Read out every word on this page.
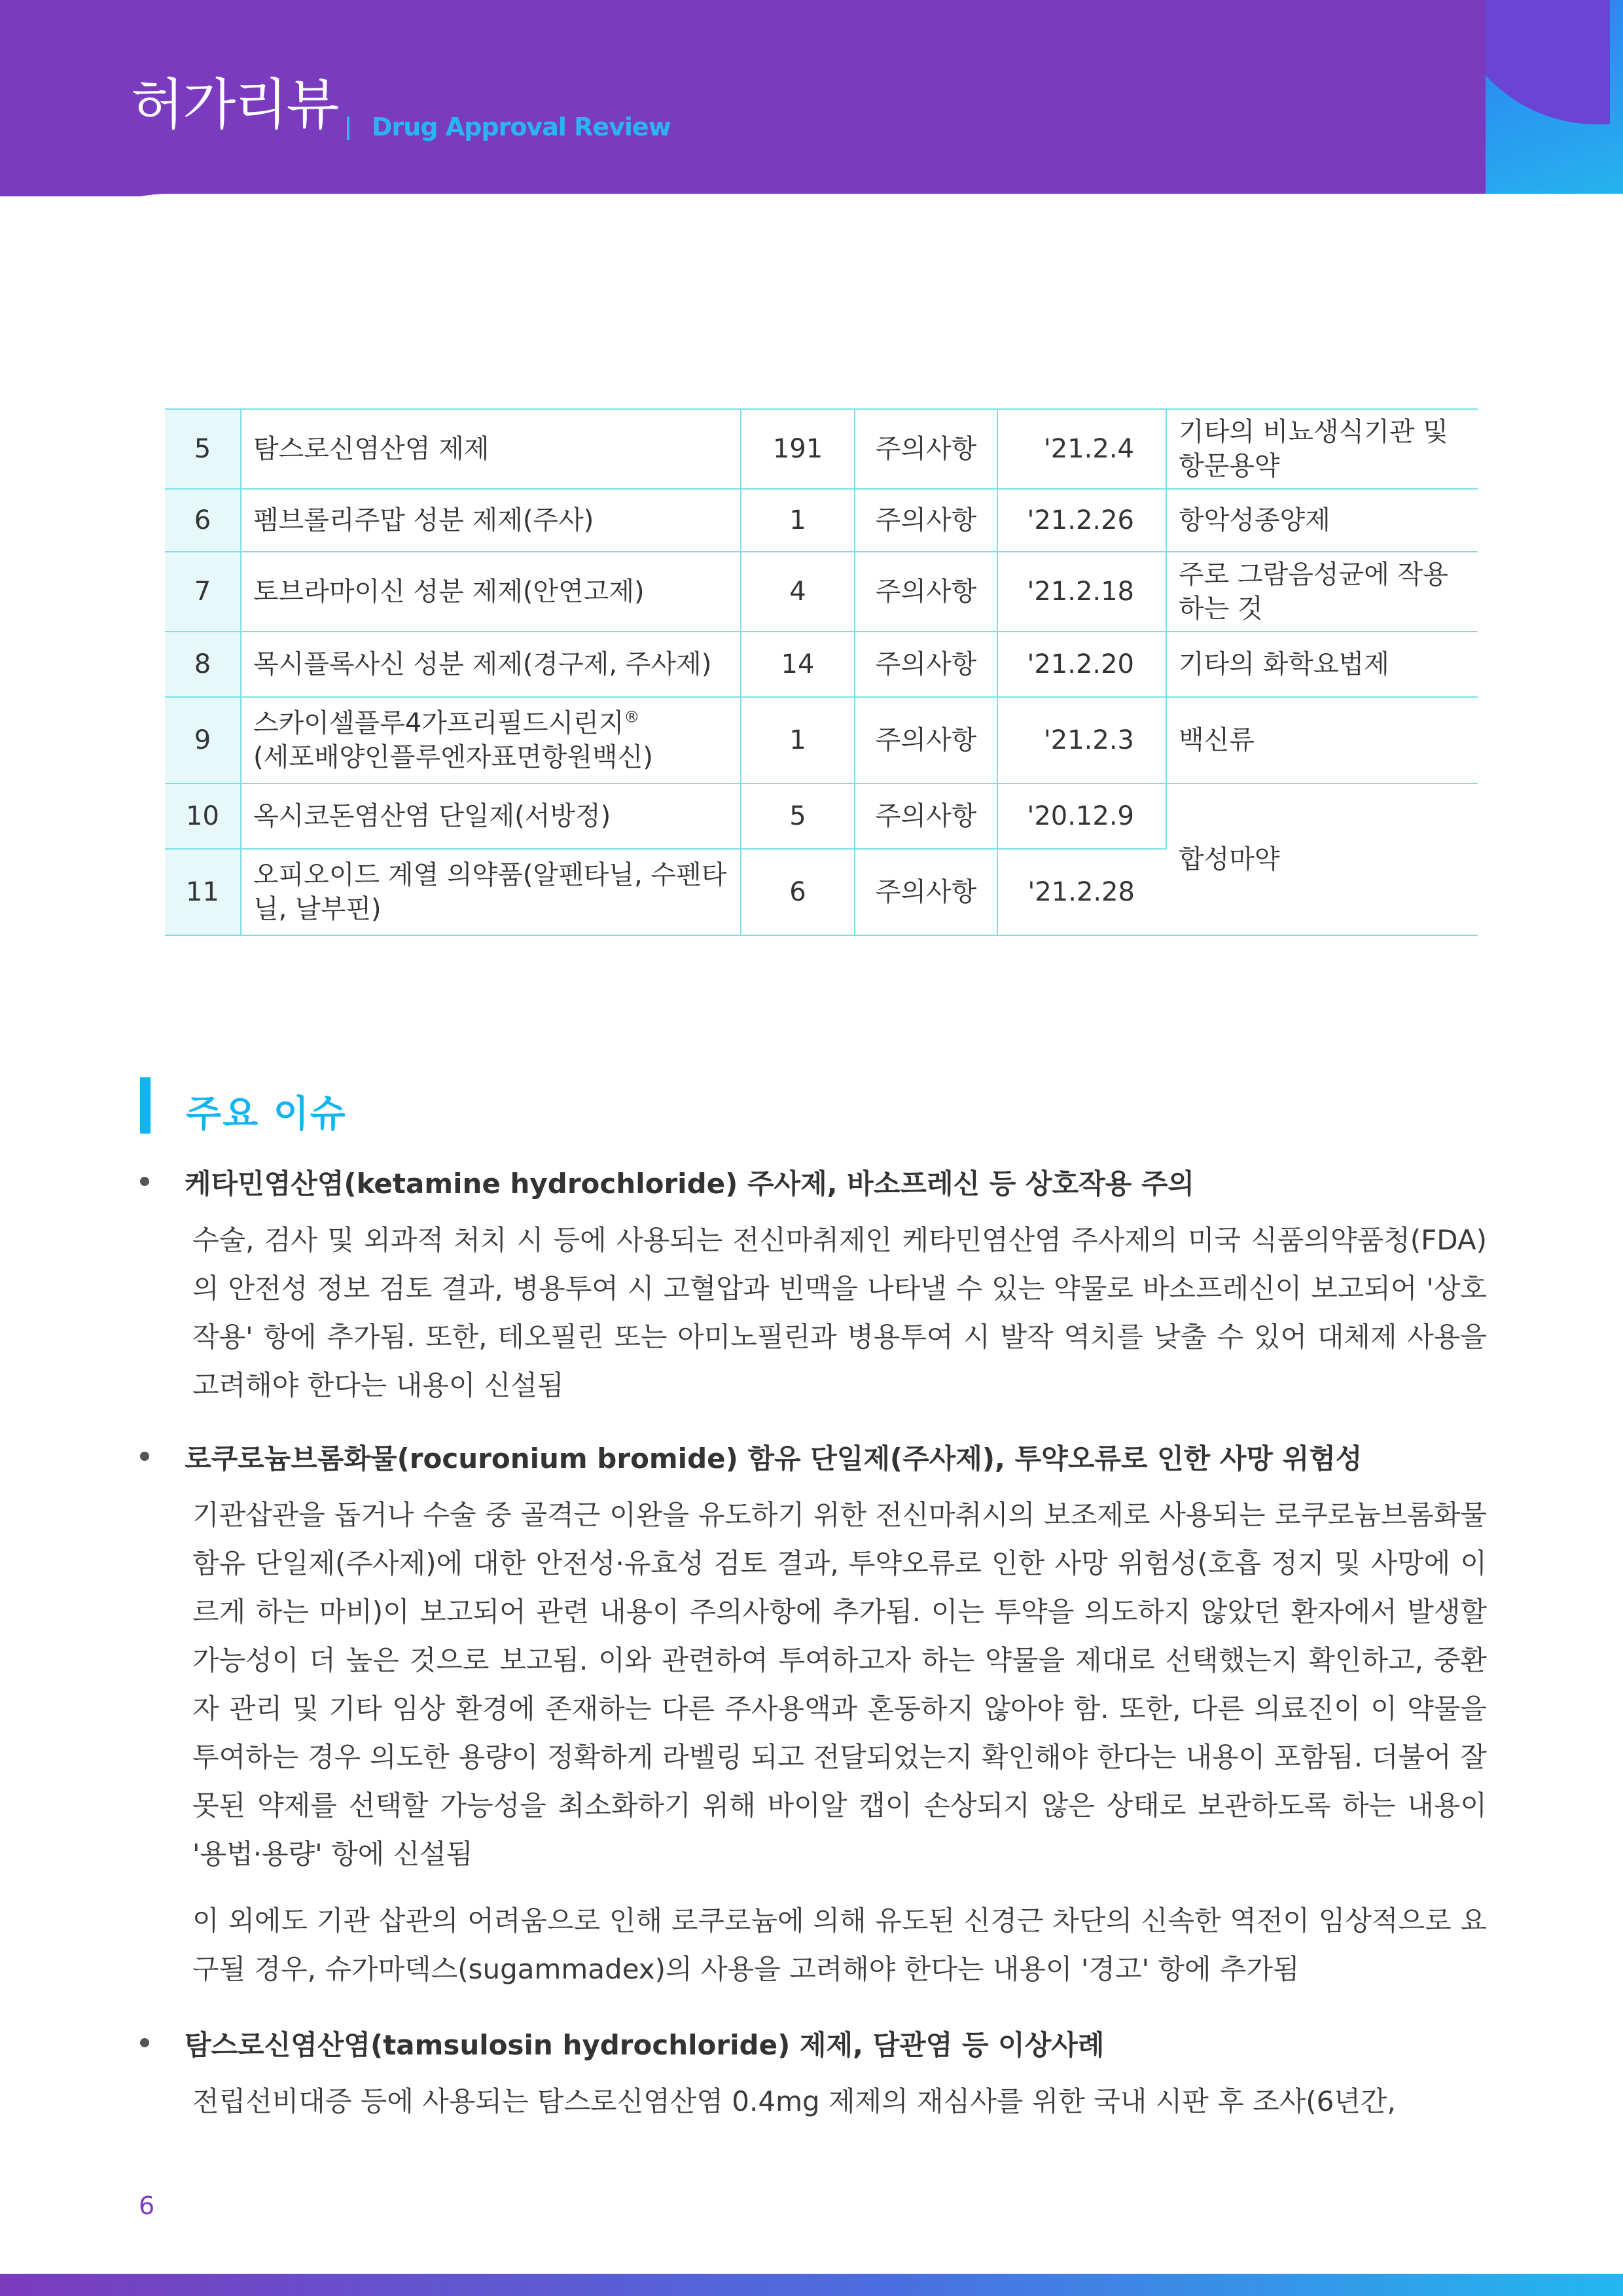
허가리뷰 Drug Approval Review
5	탐스로신염산염 제제	191	주의사항	'21.2.4	기타의 비뇨생식기관 및 항문용약
6	펨브롤리주맙 성분 제제(주사)	1	주의사항	'21.2.26	항악성종양제
7	토브라마이신 성분 제제(안연고제)	4	주의사항	'21.2.18	주로 그람음성균에 작용하는 것
8	목시플록사신 성분 제제(경구제, 주사제)	14	주의사항	'21.2.20	기타의 화학요법제
9	스카이셀플루4가프리필드시린지®
(세포배양인플루엔자표면항원백신)	1	주의사항	'21.2.3	백신류
10	옥시코돈염산염 단일제(서방정)	5	주의사항	'20.12.9	합성마약
11	오피오이드 계열 의약품(알펜타닐, 수펜타닐, 날부핀)	6	주의사항	'21.2.28	
주요 이슈
케타민염산염(ketamine hydrochloride) 주사제, 바소프레신 등 상호작용 주의

수술, 검사 및 외과적 처치 시 등에 사용되는 전신마취제인 케타민염산염 주사제의 미국 식품의약품청(FDA)의 안전성 정보 검토 결과, 병용투여 시 고혈압과 빈맥을 나타낼 수 있는 약물로 바소프레신이 보고되어 '상호작용' 항에 추가됨. 또한, 테오필린 또는 아미노필린과 병용투여 시 발작 역치를 낮출 수 있어 대체제 사용을 고려해야 한다는 내용이 신설됨

로쿠로늄브롬화물(rocuronium bromide) 함유 단일제(주사제), 투약오류로 인한 사망 위험성

기관삽관을 돕거나 수술 중 골격근 이완을 유도하기 위한 전신마취시의 보조제로 사용되는 로쿠로늄브롬화물 함유 단일제(주사제)에 대한 안전성·유효성 검토 결과, 투약오류로 인한 사망 위험성(호흡 정지 및 사망에 이르게 하는 마비)이 보고되어 관련 내용이 주의사항에 추가됨. 이는 투약을 의도하지 않았던 환자에서 발생할 가능성이 더 높은 것으로 보고됨. 이와 관련하여 투여하고자 하는 약물을 제대로 선택했는지 확인하고, 중환자 관리 및 기타 임상 환경에 존재하는 다른 주사용액과 혼동하지 않아야 함. 또한, 다른 의료진이 이 약물을 투여하는 경우 의도한 용량이 정확하게 라벨링 되고 전달되었는지 확인해야 한다는 내용이 포함됨. 더불어 잘못된 약제를 선택할 가능성을 최소화하기 위해 바이알 캡이 손상되지 않은 상태로 보관하도록 하는 내용이 '용법·용량' 항에 신설됨

이 외에도 기관 삽관의 어려움으로 인해 로쿠로늄에 의해 유도된 신경근 차단의 신속한 역전이 임상적으로 요구될 경우, 슈가마덱스(sugammadex)의 사용을 고려해야 한다는 내용이 '경고' 항에 추가됨

탐스로신염산염(tamsulosin hydrochloride) 제제, 담관염 등 이상사례

전립선비대증 등에 사용되는 탐스로신염산염 0.4mg 제제의 재심사를 위한 국내 시판 후 조사(6년간,

6
